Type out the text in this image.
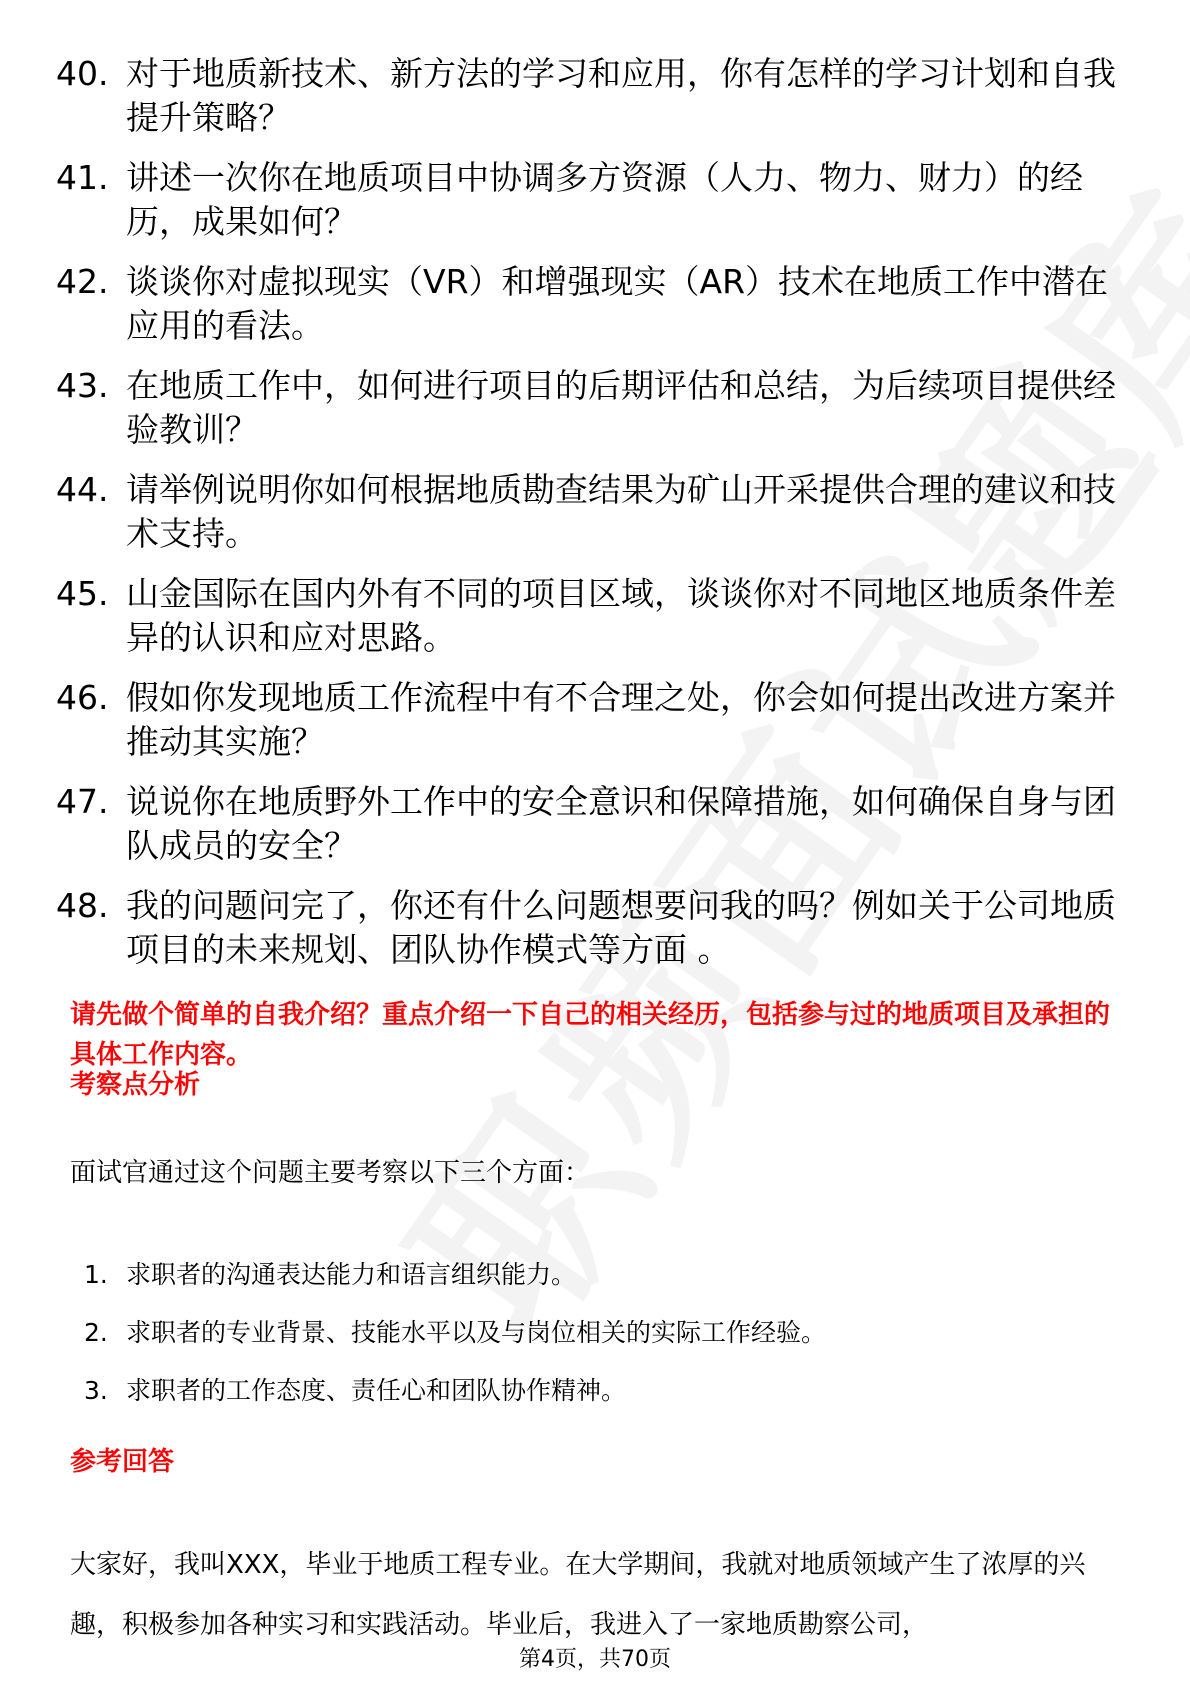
40. 对于地质新技术、新方法的学习和应用，你有怎样的学习计划和自我提升策略？
41. 讲述一次你在地质项目中协调多方资源（人力、物力、财力）的经历，成果如何？
42. 谈谈你对虚拟现实（VR）和增强现实（AR）技术在地质工作中潜在应用的看法。
43. 在地质工作中，如何进行项目的后期评估和总结，为后续项目提供经验教训？
44. 请举例说明你如何根据地质勘查结果为矿山开采提供合理的建议和技术支持。
45. 山金国际在国内外有不同的项目区域，谈谈你对不同地区地质条件差异的认识和应对思路。
46. 假如你发现地质工作流程中有不合理之处，你会如何提出改进方案并推动其实施？
47. 说说你在地质野外工作中的安全意识和保障措施，如何确保自身与团队成员的安全？
48. 我的问题问完了，你还有什么问题想要问我的吗？例如关于公司地质项目的未来规划、团队协作模式等方面 。

请先做个简单的自我介绍？重点介绍一下自己的相关经历，包括参与过的地质项目及承担的具体工作内容。

考察点分析

面试官通过这个问题主要考察以下三个方面：

1. 求职者的沟通表达能力和语言组织能力。
2. 求职者的专业背景、技能水平以及与岗位相关的实际工作经验。
3. 求职者的工作态度、责任心和团队协作精神。
参考回答

大家好，我叫XXX，毕业于地质工程专业。在大学期间，我就对地质领域产生了浓厚的兴趣，积极参加各种实习和实践活动。毕业后，我进入了一家地质勘察公司，

第4页，共70页
